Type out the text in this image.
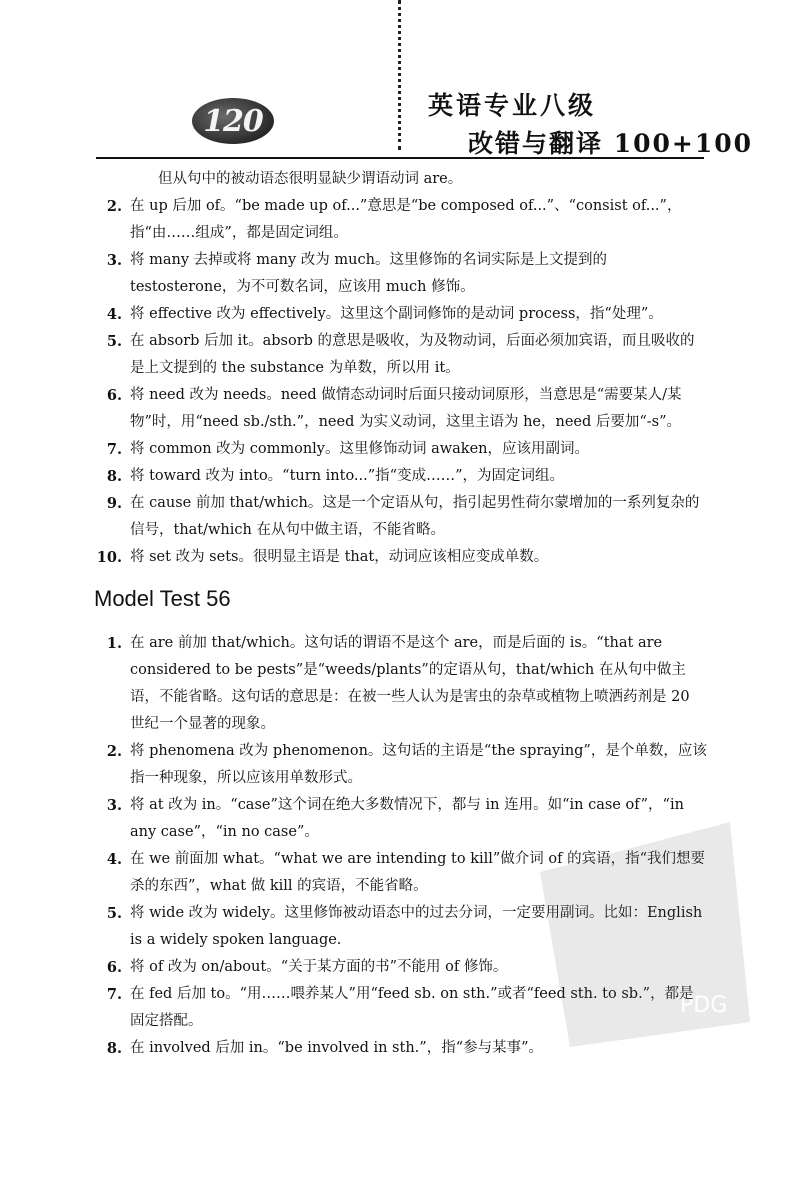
120	英语专业八级
改错与翻译 100+100
但从句中的被动语态很明显缺少谓语动词 are。
2. 在 up 后加 of。“be made up of...”意思是“be composed of...”、“consist of...”，指“由……组成”，都是固定词组。
3. 将 many 去掉或将 many 改为 much。这里修饰的名词实际是上文提到的 testosterone，为不可数名词，应该用 much 修饰。
4. 将 effective 改为 effectively。这里这个副词修饰的是动词 process，指“处理”。
5. 在 absorb 后加 it。absorb 的意思是吸收，为及物动词，后面必须加宾语，而且吸收的是上文提到的 the substance 为单数，所以用 it。
6. 将 need 改为 needs。need 做情态动词时后面只接动词原形，当意思是“需要某人/某物”时，用“need sb./sth.”，need 为实义动词，这里主语为 he，need 后要加“-s”。
7. 将 common 改为 commonly。这里修饰动词 awaken，应该用副词。
8. 将 toward 改为 into。“turn into...”指“变成……”，为固定词组。
9. 在 cause 前加 that/which。这是一个定语从句，指引起男性荷尔蒙增加的一系列复杂的信号，that/which 在从句中做主语，不能省略。
10. 将 set 改为 sets。很明显主语是 that，动词应该相应变成单数。
Model Test 56
1. 在 are 前加 that/which。这句话的谓语不是这个 are，而是后面的 is。“that are considered to be pests”是“weeds/plants”的定语从句，that/which 在从句中做主语，不能省略。这句话的意思是：在被一些人认为是害虫的杂草或植物上喷洒药剂是 20 世纪一个显著的现象。
2. 将 phenomena 改为 phenomenon。这句话的主语是“the spraying”，是个单数，应该指一种现象，所以应该用单数形式。
3. 将 at 改为 in。“case”这个词在绝大多数情况下，都与 in 连用。如“in case of”，“in any case”，“in no case”。
4. 在 we 前面加 what。“what we are intending to kill”做介词 of 的宾语，指“我们想要杀的东西”，what 做 kill 的宾语，不能省略。
5. 将 wide 改为 widely。这里修饰被动语态中的过去分词，一定要用副词。比如：English is a widely spoken language.
6. 将 of 改为 on/about。“关于某方面的书”不能用 of 修饰。
7. 在 fed 后加 to。“用……喂养某人”用“feed sb. on sth.”或者“feed sth. to sb.”，都是固定搭配。
8. 在 involved 后加 in。“be involved in sth.”，指“参与某事”。
PDG
